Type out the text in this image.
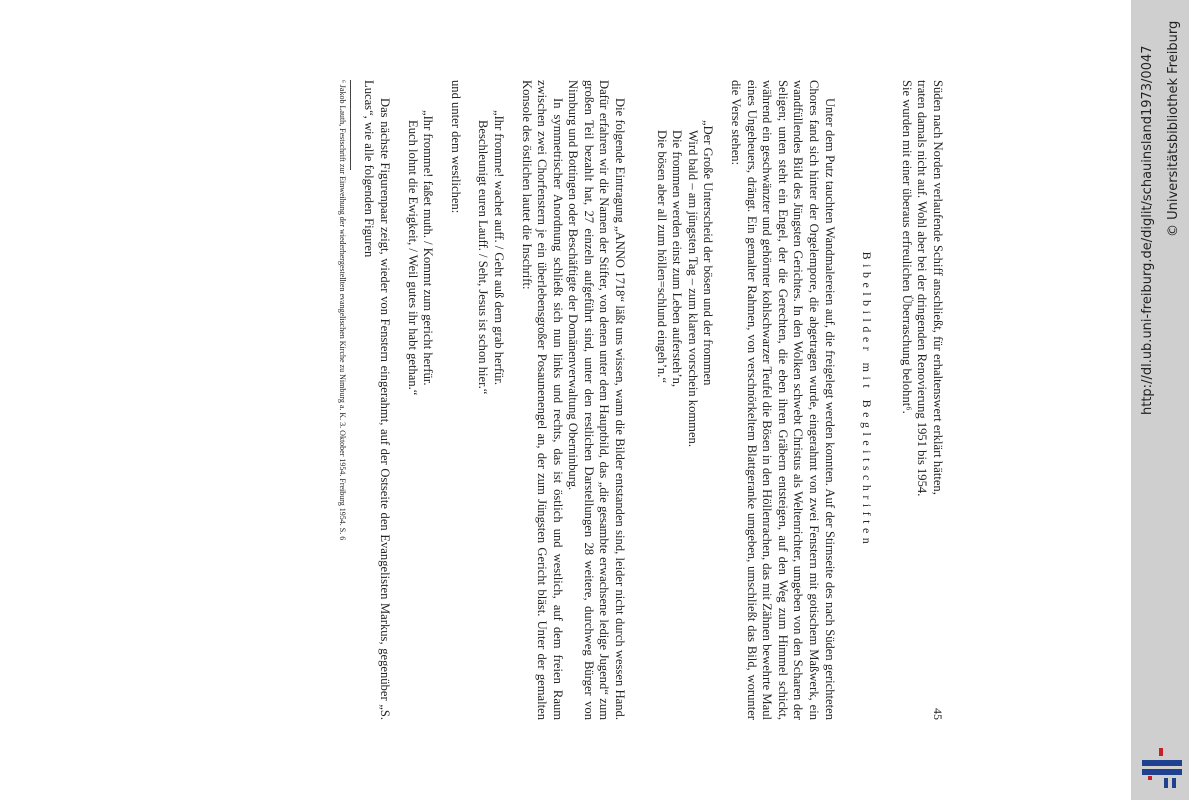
Süden nach Norden verlaufende Schiff anschließt, für erhaltenswert erklärt hätten,
traten damals nicht auf. Wohl aber bei der dringenden Renovierung 1951 bis 1954.
Sie wurden mit einer überaus erfreulichen Überraschung belohnt⁶.
Bibelbilder mit Begleitschriften

Unter dem Putz tauchten Wandmalereien auf, die freigelegt werden konnten. Auf der Stirnseite des nach Süden gerichteten Chores fand sich hinter der Orgelempore, die abgetragen wurde, eingerahmt von zwei Fenstern mit gotischem Maßwerk, ein wandfüllendes Bild des Jüngsten Gerichtes. In den Wolken schwebt Christus als Weltenrichter, umgeben von den Scharen der Seligen; unten steht ein Engel, der die Gerechten, die eben ihren Gräbern entsteigen, auf den Weg zum Himmel schickt, während ein geschwänzter und gehörnter kohlschwarzer Teufel die Bösen in den Höllenrachen, das mit Zähnen bewehrte Maul eines Ungeheuers, drängt. Ein gemalter Rahmen, von verschnörkeltem Blattgeranke umgeben, umschließt das Bild, worunter die Verse stehen:

„Der Große Unterscheid der bösen und der frommen
Wird bald – am jüngsten Tag – zum klaren vorschein kommen.
Die frommen werden einst zum Leben aufersteh’n,
Die bösen aber all zum höllen=schlund eingeh’n.“

Die folgende Eintragung „ANNO 1718“ läßt uns wissen, wann die Bilder entstanden sind, leider nicht durch wessen Hand. Dafür erfahren wir die Namen der Stifter, von denen unter dem Hauptbild, das „die gesambte erwachsene ledige Jugend“ zum großen Teil bezahlt hat, 27 einzeln aufgeführt sind, unter den restlichen Darstellungen 28 weitere, durchweg Bürger von Nimburg und Bottingen oder Beschäftigte der Domänenverwaltung Oberninburg.

In symmetrischer Anordnung schließt sich nun links und rechts, das ist östlich und westlich, auf dem freien Raum zwischen zwei Chorfenstern je ein überlebensgroßer Posaunenengel an, der zum Jüngsten Gericht bläst. Unter der gemalten Konsole des östlichen lautet die Inschrift:

„Ihr fromme! wachet auff. / Geht auß dem grab herfür.
Beschleunigt euren Lauff. / Seht, Jesus ist schon hier.“
und unter dem westlichen:
„Ihr fromme! faßet muth. / Kommt zum gericht herfür.
Euch lohnt die Ewigkeit, / Weil gutes ihr habt gethan.“

Das nächste Figurenpaar zeigt, wieder von Fenstern eingerahmt, auf der Ostseite den Evangelisten Markus, gegenüber „S. Lucas“, wie alle folgenden Figuren

⁶ Jakob Lauth, Festschrift zur Einweihung der wiederhergestellten evangelischen Kirche zu Nimburg a. K. 3. Oktober 1954. Freiburg 1954. S. 6
45
http://dl.ub.uni-freiburg.de/diglit/schauinsland1973/0047 © Universitätsbibliothek Freiburg
